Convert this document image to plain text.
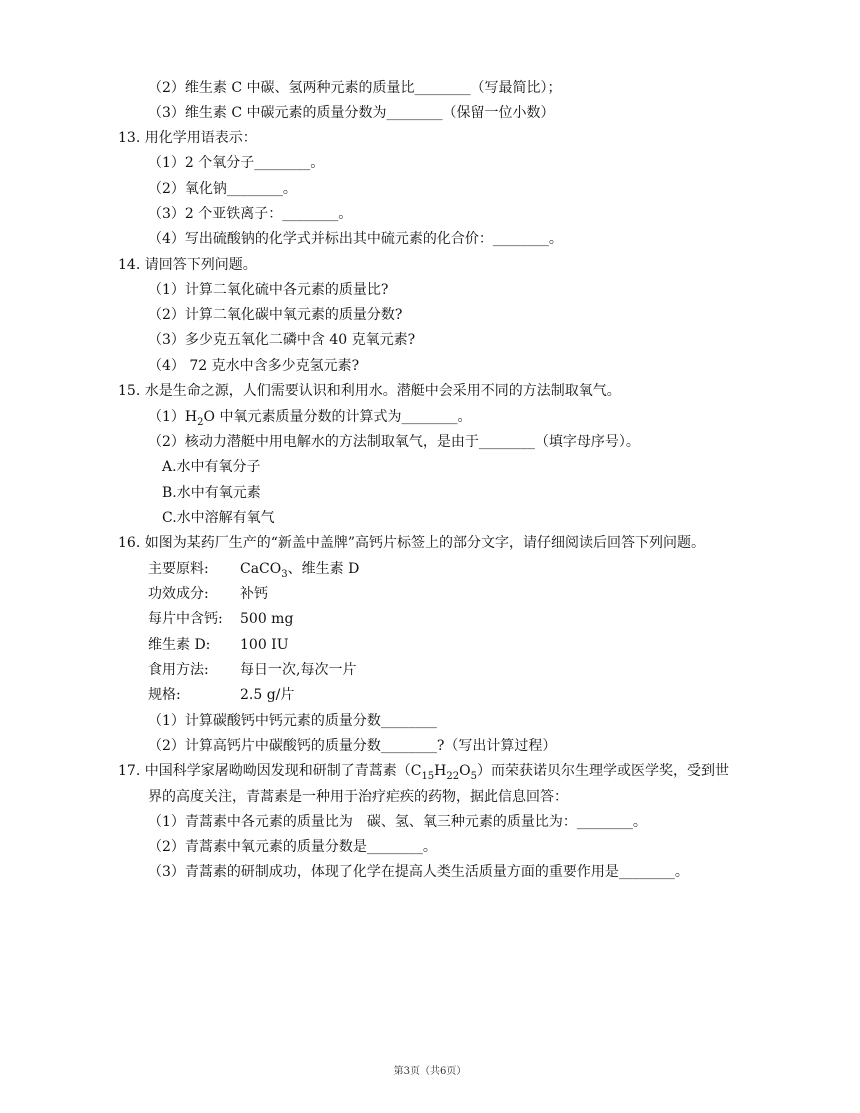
（2）维生素 C 中碳、氢两种元素的质量比________（写最简比）；
（3）维生素 C 中碳元素的质量分数为________（保留一位小数）
13. 用化学用语表示：
（1）2 个氧分子________。
（2）氧化钠________。
（3）2 个亚铁离子：________。
（4）写出硫酸钠的化学式并标出其中硫元素的化合价：________。
14. 请回答下列问题。
（1）计算二氧化硫中各元素的质量比?
（2）计算二氧化碳中氧元素的质量分数?
（3）多少克五氧化二磷中含 40 克氧元素?
（4） 72 克水中含多少克氢元素?
15. 水是生命之源，人们需要认识和利用水。潜艇中会采用不同的方法制取氧气。
$(1)H_2O$ 中氧元素质量分数的计算式为________。
（2）核动力潜艇中用电解水的方法制取氧气，是由于________（填字母序号）。
A.水中有氧分子
B.水中有氧元素
C.水中溶解有氧气
16. 如图为某药厂生产的“新盖中盖牌”高钙片标签上的部分文字，请仔细阅读后回答下列问题。
主要原料: CaCO$_3$、维生素 D
功效成分: 补钙
每片中含钙: 500 mg
维生素 D: 100 IU
食用方法: 每日一次,每次一片
规格:	2.5 g/片
（1）计算碳酸钙中钙元素的质量分数________
（2）计算高钙片中碳酸钙的质量分数________?（写出计算过程）
17. 中国科学家屠呦呦因发现和研制了青蒿素$(C_{15}H_{22}O_5)$而荣获诺贝尔生理学或医学奖，受到世
界的高度关注，青蒿素是一种用于治疗疟疾的药物，据此信息回答：
（1）青蒿素中各元素的质量比为　碳、氢、氧三种元素的质量比为：________。
（2）青蒿素中氧元素的质量分数是________。
（3）青蒿素的研制成功，体现了化学在提高人类生活质量方面的重要作用是________。
第3页（共6页）
